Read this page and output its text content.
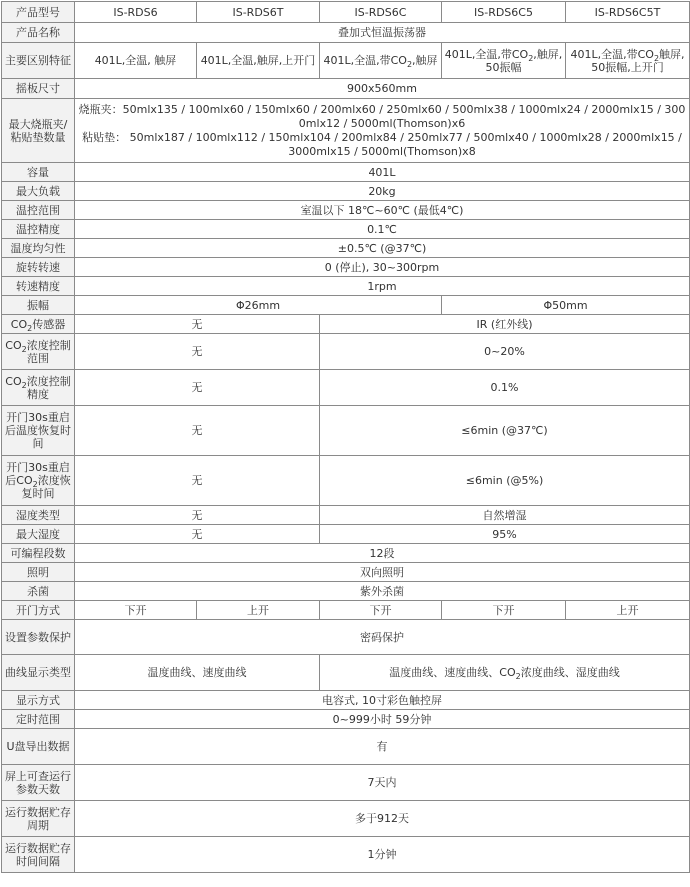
产品型号	IS-RDS6	IS-RDS6T	IS-RDS6C	IS-RDS6C5	IS-RDS6C5T
产品名称	叠加式恒温振荡器				
主要区别特征	401L,全温, 触屏	401L,全温,触屏,上开门	401L,全温,带$CO_2$,触屏	401L,全温,带$CO_2$,触屏,50振幅	401L,全温,带$CO_2$触屏,50振幅,上开门
摇板尺寸	900x560mm				
最大烧瓶夹/粘贴垫数量	烧瓶夹：50mlx135 / 100mlx60 / 150mlx60 / 200mlx60 / 250mlx60 / 500mlx38 / 1000mlx24 / 2000mlx15 / 3000mlx12 / 5000ml(Thomson)x6
粘贴垫： 50mlx187 / 100mlx112 / 150mlx104 / 200mlx84 / 250mlx77 / 500mlx40 / 1000mlx28 / 2000mlx15 / 3000mlx15 / 5000ml(Thomson)x8				

容量	401L				
最大负载	20kg				
温控范围	室温以下 18℃~60℃ (最低4℃)				
温控精度	0.1℃				
温度均匀性	±0.5℃ (@37℃)				
旋转转速	0 (停止), 30~300rpm				
转速精度	1rpm				
振幅	Φ26mm			Φ50mm	
$CO_2$传感器	无		IR (红外线)		
$CO_2$浓度控制范围	无		0~20%		
$CO_2$浓度控制精度	无		0.1%		
开门30s重启后温度恢复时间	无		≤6min (@37℃)		
开门30s重启后$CO_2$浓度恢复时间	无		≤6min (@5%)		
湿度类型	无		自然增湿		
最大湿度	无		95%		
可编程段数	12段				
照明	双向照明				
杀菌	紫外杀菌				
开门方式	下开	上开	下开	下开	上开
设置参数保护	密码保护				
曲线显示类型	温度曲线、速度曲线		温度曲线、速度曲线、$CO_2$浓度曲线、湿度曲线		
显示方式	电容式, 10寸彩色触控屏				
定时范围	0~999小时 59分钟				
U盘导出数据	有				
屏上可查运行参数天数	7天内				
运行数据贮存周期	多于912天				
运行数据贮存时间间隔	1分钟				
